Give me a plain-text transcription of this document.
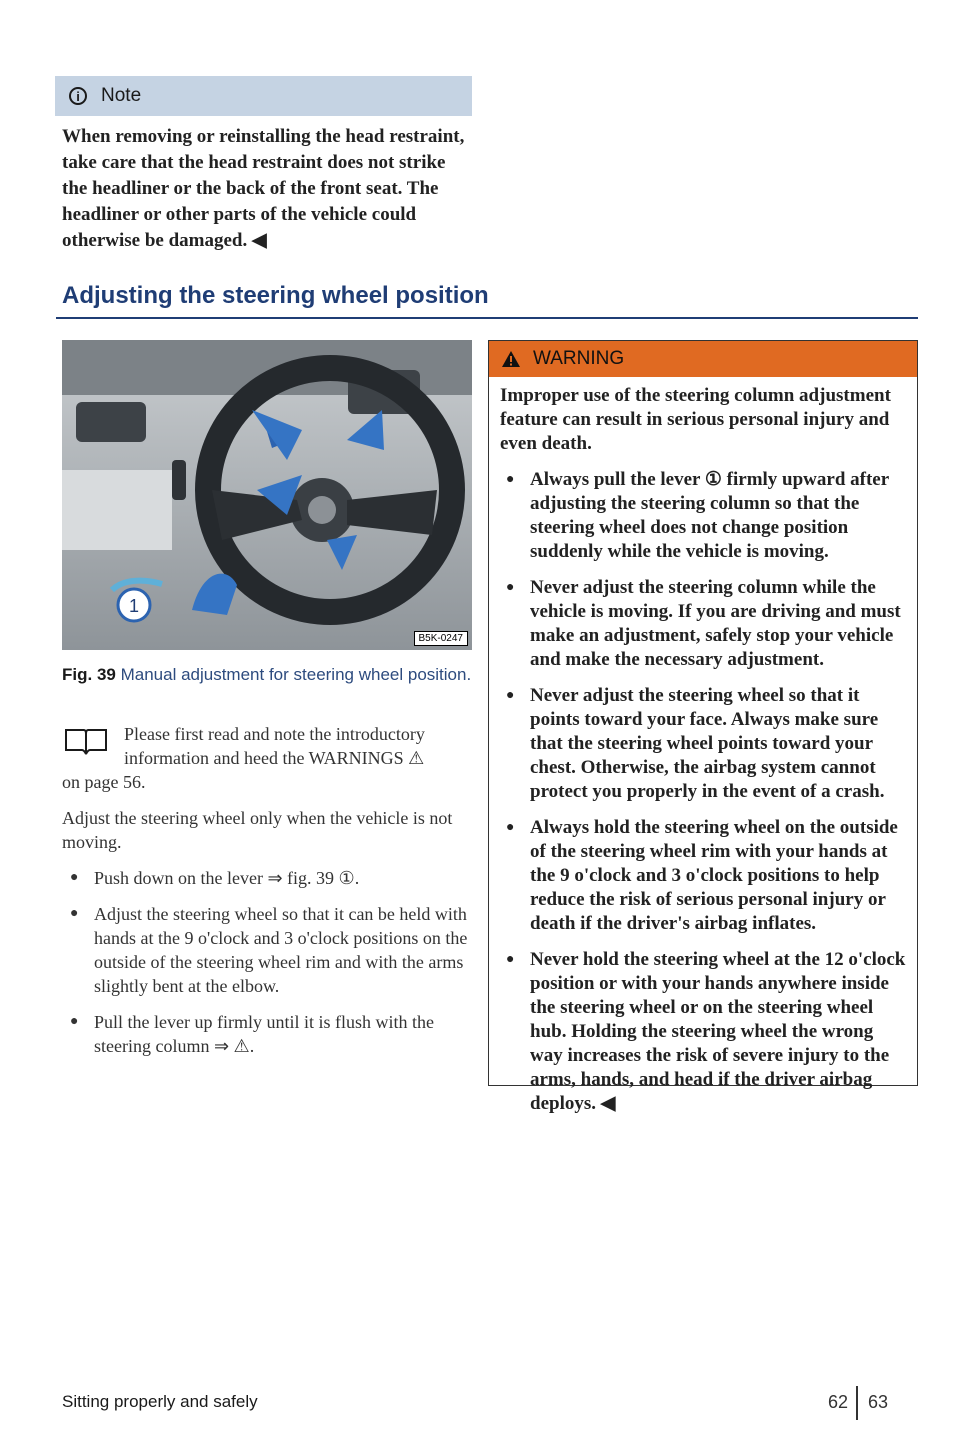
i	Note
When removing or reinstalling the head restraint, take care that the head restraint does not strike the headliner or the back of the front seat. The headliner or other parts of the vehicle could otherwise be damaged. ◀
Adjusting the steering wheel position
1
B5K-0247
Fig. 39 Manual adjustment for steering wheel position.
Please first read and note the introductory information and heed the WARNINGS ⚠
on page 56.
Adjust the steering wheel only when the vehicle is not moving.
● Push down on the lever ⇒ fig. 39 ①.
● Adjust the steering wheel so that it can be held with hands at the 9 o'clock and 3 o'clock positions on the outside of the steering wheel rim and with the arms slightly bent at the elbow.
● Pull the lever up firmly until it is flush with the steering column ⇒ ⚠.
WARNING
Improper use of the steering column adjustment feature can result in serious personal injury and even death.
● Always pull the lever ① firmly upward after adjusting the steering column so that the steering wheel does not change position suddenly while the vehicle is moving.
● Never adjust the steering column while the vehicle is moving. If you are driving and must make an adjustment, safely stop your vehicle and make the necessary adjustment.
● Never adjust the steering wheel so that it points toward your face. Always make sure that the steering wheel points toward your chest. Otherwise, the airbag system cannot protect you properly in the event of a crash.
● Always hold the steering wheel on the outside of the steering wheel rim with your hands at the 9 o'clock and 3 o'clock positions to help reduce the risk of serious personal injury or death if the driver's airbag inflates.
● Never hold the steering wheel at the 12 o'clock position or with your hands anywhere inside the steering wheel or on the steering wheel hub. Holding the steering wheel the wrong way increases the risk of severe injury to the arms, hands, and head if the driver airbag deploys. ◀
Sitting properly and safely	62 63
